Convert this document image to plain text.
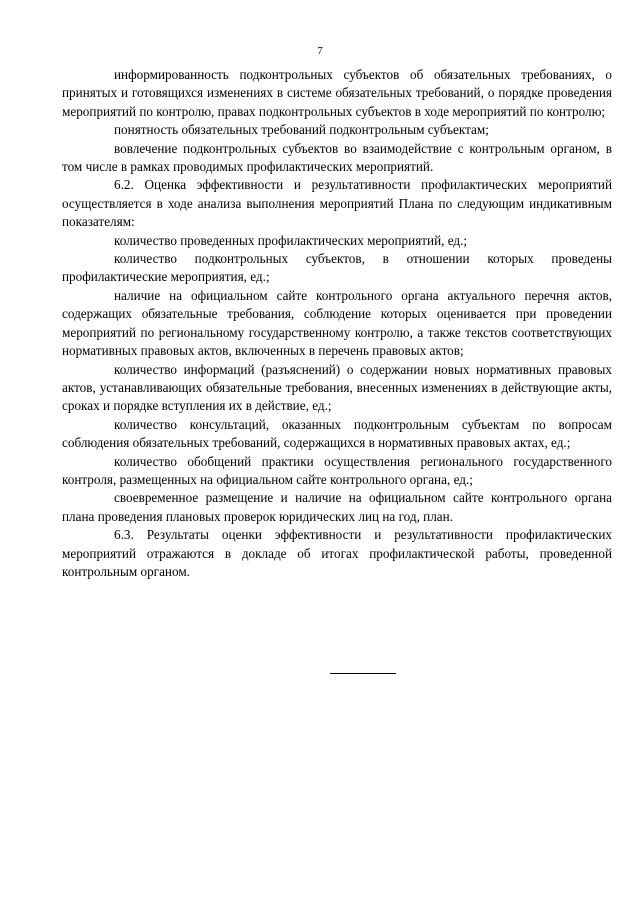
7

информированность подконтрольных субъектов об обязательных требованиях, о принятых и готовящихся изменениях в системе обязательных требований, о порядке проведения мероприятий по контролю, правах подконтрольных субъектов в ходе мероприятий по контролю;

понятность обязательных требований подконтрольным субъектам;

вовлечение подконтрольных субъектов во взаимодействие с контрольным органом, в том числе в рамках проводимых профилактических мероприятий.

6.2. Оценка эффективности и результативности профилактических мероприятий осуществляется в ходе анализа выполнения мероприятий Плана по следующим индикативным показателям:

количество проведенных профилактических мероприятий, ед.;

количество подконтрольных субъектов, в отношении которых проведены профилактические мероприятия, ед.;

наличие на официальном сайте контрольного органа актуального перечня актов, содержащих обязательные требования, соблюдение которых оценивается при проведении мероприятий по региональному государственному контролю, а также текстов соответствующих нормативных правовых актов, включенных в перечень правовых актов;

количество информаций (разъяснений) о содержании новых нормативных правовых актов, устанавливающих обязательные требования, внесенных изменениях в действующие акты, сроках и порядке вступления их в действие, ед.;

количество консультаций, оказанных подконтрольным субъектам по вопросам соблюдения обязательных требований, содержащихся в нормативных правовых актах, ед.;

количество обобщений практики осуществления регионального государственного контроля, размещенных на официальном сайте контрольного органа, ед.;

своевременное размещение и наличие на официальном сайте контрольного органа плана проведения плановых проверок юридических лиц на год, план.

6.3. Результаты оценки эффективности и результативности профилактических мероприятий отражаются в докладе об итогах профилактической работы, проведенной контрольным органом.
